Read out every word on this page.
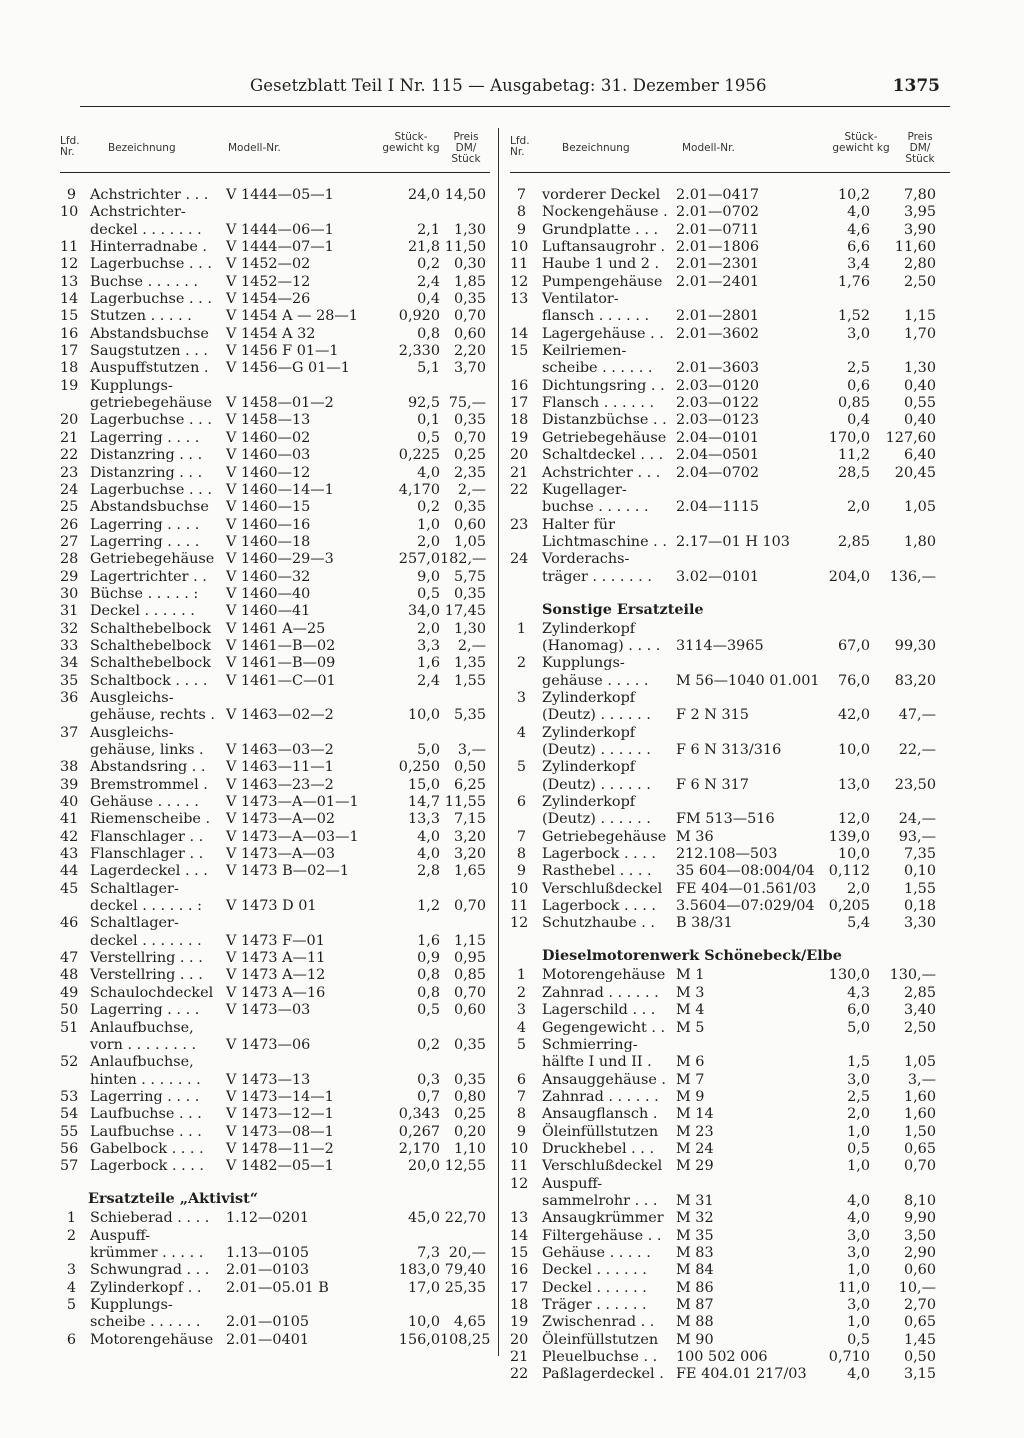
Gesetzblatt Teil I Nr. 115 — Ausgabetag: 31. Dezember 1956	1375
Lfd. Nr.	Bezeichnung	Modell-Nr.
Stück-gewicht kg
Preis DM/ Stück
9 Achstrichter . . . V 1444—05—1	24,0 14,50
10 Achstrichter-
deckel . . . . . . . V 1444—06—1	2,1 1,30
11 Hinterradnabe . V 1444—07—1	21,8 11,50
12 Lagerbuchse . . . V 1452—02	0,2 0,30
13 Buchse . . . . . . V 1452—12	2,4 1,85
14 Lagerbuchse . . . V 1454—26	0,4 0,35
15 Stutzen . . . . . V 1454 A — 28—1	0,920 0,70
16 Abstandsbuchse V 1454 A 32	0,8 0,60
17 Saugstutzen . . . V 1456 F 01—1	2,330 2,20
18 Auspuffstutzen . V 1456—G 01—1	5,1 3,70
19 Kupplungs-
getriebegehäuse V 1458—01—2	92,5 75,—
20 Lagerbuchse . . . V 1458—13	0,1 0,35
21 Lagerring . . . . V 1460—02	0,5 0,70
22 Distanzring . . . V 1460—03	0,225 0,25
23 Distanzring . . . V 1460—12	4,0 2,35
24 Lagerbuchse . . . V 1460—14—1	4,170	2,—
25 Abstandsbuchse V 1460—15	0,2 0,35
26 Lagerring . . . . V 1460—16	1,0 0,60
27 Lagerring . . . . V 1460—18	2,0 1,05
28 Getriebegehäuse V 1460—29—3	257,0 182,—
29 Lagertrichter . . V 1460—32	9,0 5,75
30 Büchse . . . . . : V 1460—40	0,5 0,35
31 Deckel . . . . . . V 1460—41	34,0 17,45
32 Schalthebelbock V 1461 A—25	2,0 1,30
33 Schalthebelbock V 1461—B—02	3,3	2,—
34 Schalthebelbock V 1461—B—09	1,6 1,35
35 Schaltbock . . . . V 1461—C—01	2,4 1,55
36 Ausgleichs-
gehäuse, rechts . V 1463—02—2	10,0 5,35
37 Ausgleichs-
gehäuse, links . V 1463—03—2	5,0	3,—
38 Abstandsring . . V 1463—11—1	0,250 0,50
39 Bremstrommel . V 1463—23—2	15,0 6,25
40 Gehäuse . . . . . V 1473—A—01—1	14,7 11,55
41 Riemenscheibe . V 1473—A—02	13,3 7,15
42 Flanschlager . . V 1473—A—03—1	4,0 3,20
43 Flanschlager . . V 1473—A—03	4,0 3,20
44 Lagerdeckel . . . V 1473 B—02—1	2,8 1,65
45 Schaltlager-
deckel . . . . . . : V 1473 D 01	1,2 0,70
46 Schaltlager-
deckel . . . . . . . V 1473 F—01	1,6 1,15
47 Verstellring . . . V 1473 A—11	0,9 0,95
48 Verstellring . . . V 1473 A—12	0,8 0,85
49 Schaulochdeckel V 1473 A—16	0,8 0,70
50 Lagerring . . . . V 1473—03	0,5 0,60
51 Anlaufbuchse,
vorn . . . . . . . . V 1473—06	0,2 0,35
52 Anlaufbuchse,
hinten . . . . . . . V 1473—13	0,3 0,35
53 Lagerring . . . . V 1473—14—1	0,7 0,80
54 Laufbuchse . . . V 1473—12—1	0,343 0,25
55 Laufbuchse . . . V 1473—08—1	0,267 0,20
56 Gabelbock . . . . V 1478—11—2	2,170 1,10
57 Lagerbock . . . . V 1482—05—1	20,0 12,55
Ersatzteile „Aktivist“
1 Schieberad . . . . 1.12—0201	45,0 22,70
2 Auspuff-
krümmer . . . . . 1.13—0105	7,3 20,—
3 Schwungrad . . . 2.01—0103	183,0 79,40
4 Zylinderkopf . . 2.01—05.01 B	17,0 25,35
5 Kupplungs-
scheibe . . . . . . 2.01—0105	10,0 4,65
6 Motorengehäuse 2.01—0401	156,0 108,25
Lfd. Nr.	Bezeichnung	Modell-Nr.
Stück-gewicht kg
Preis DM/ Stück
7 vorderer Deckel 2.01—0417	10,2	7,80
8 Nockengehäuse . 2.01—0702	4,0	3,95
9 Grundplatte . . . 2.01—0711	4,6	3,90
10 Luftansaugrohr . 2.01—1806	6,6	11,60
11 Haube 1 und 2 . 2.01—2301	3,4	2,80
12 Pumpengehäuse 2.01—2401	1,76	2,50
13 Ventilator-
flansch . . . . . . 2.01—2801	1,52	1,15
14 Lagergehäuse . . 2.01—3602	3,0	1,70
15 Keilriemen-
scheibe . . . . . . 2.01—3603	2,5	1,30
16 Dichtungsring . . 2.03—0120	0,6	0,40
17 Flansch . . . . . . 2.03—0122	0,85	0,55
18 Distanzbüchse . . 2.03—0123	0,4	0,40
19 Getriebegehäuse 2.04—0101	170,0	127,60
20 Schaltdeckel . . . 2.04—0501	11,2	6,40
21 Achstrichter . . . 2.04—0702	28,5	20,45
22 Kugellager-
buchse . . . . . . 2.04—1115	2,0	1,05
23 Halter für
Lichtmaschine . . 2.17—01 H 103	2,85	1,80
24 Vorderachs-
träger . . . . . . . 3.02—0101	204,0	136,—
Sonstige Ersatzteile
1 Zylinderkopf
(Hanomag) . . . . 3114—3965	67,0	99,30
2 Kupplungs-
gehäuse . . . . . M 56—1040 01.001	76,0	83,20
3 Zylinderkopf
(Deutz) . . . . . . F 2 N 315	42,0	47,—
4 Zylinderkopf
(Deutz) . . . . . . F 6 N 313/316	10,0	22,—
5 Zylinderkopf
(Deutz) . . . . . . F 6 N 317	13,0	23,50
6 Zylinderkopf
(Deutz) . . . . . . FM 513—516	12,0	24,—
7 Getriebegehäuse M 36	139,0	93,—
8 Lagerbock . . . . 212.108—503	10,0	7,35
9 Rasthebel . . . . 35 604—08:004/04 0,112	0,10
10 Verschlußdeckel FE 404—01.561/03	2,0	1,55
11 Lagerbock . . . . 3.5604—07:029/04 0,205	0,18
12 Schutzhaube . . B 38/31	5,4	3,30
Dieselmotorenwerk Schönebeck/Elbe
1 Motorengehäuse M 1	130,0	130,—
2 Zahnrad . . . . . . M 3	4,3	2,85
3 Lagerschild . . . M 4	6,0	3,40
4 Gegengewicht . . M 5	5,0	2,50
5 Schmierring-
hälfte I und II . M 6	1,5	1,05
6 Ansauggehäuse . M 7	3,0	3,—
7 Zahnrad . . . . . . M 9	2,5	1,60
8 Ansaugflansch . M 14	2,0	1,60
9 Öleinfüllstutzen M 23	1,0	1,50
10 Druckhebel . . . M 24	0,5	0,65
11 Verschlußdeckel M 29	1,0	0,70
12 Auspuff-
sammelrohr . . . M 31	4,0	8,10
13 Ansaugkrümmer M 32	4,0	9,90
14 Filtergehäuse . . M 35	3,0	3,50
15 Gehäuse . . . . . M 83	3,0	2,90
16 Deckel . . . . . . M 84	1,0	0,60
17 Deckel . . . . . . M 86	11,0	10,—
18 Träger . . . . . . M 87	3,0	2,70
19 Zwischenrad . . M 88	1,0	0,65
20 Öleinfüllstutzen M 90	0,5	1,45
21 Pleuelbuchse . . 100 502 006	0,710	0,50
22 Paßlagerdeckel . FE 404.01 217/03	4,0	3,15
